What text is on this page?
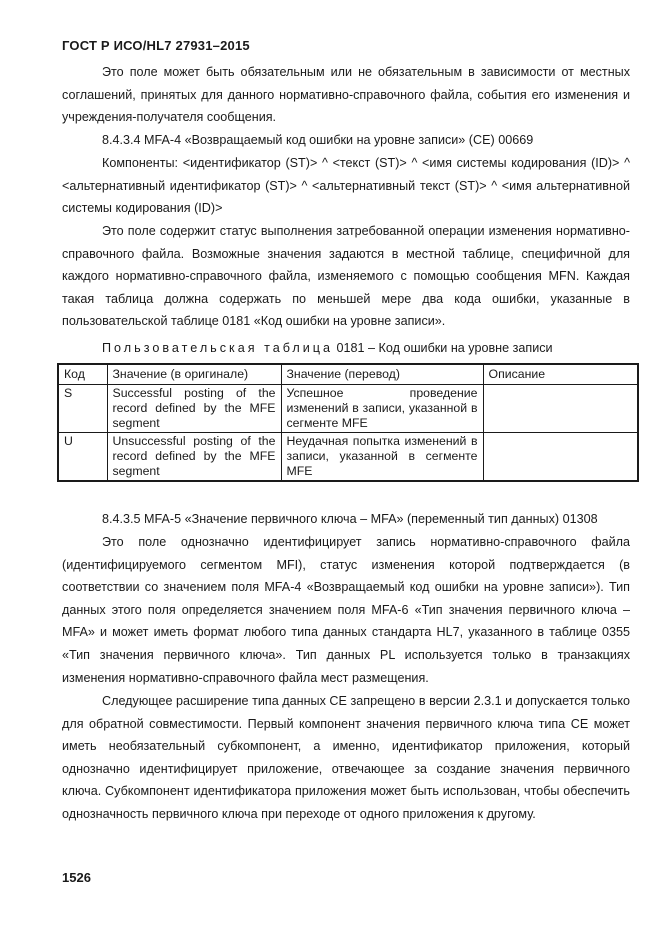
ГОСТ Р ИСО/HL7 27931–2015

Это поле может быть обязательным или не обязательным в зависимости от местных соглашений, принятых для данного нормативно-справочного файла, события его изменения и учреждения-получателя сообщения.

8.4.3.4 MFA-4 «Возвращаемый код ошибки на уровне записи» (CE) 00669

Компоненты: <идентификатор (ST)> ^ <текст (ST)> ^ <имя системы кодирования (ID)> ^ <альтернативный идентификатор (ST)> ^ <альтернативный текст (ST)> ^ <имя альтернативной системы кодирования (ID)>

Это поле содержит статус выполнения затребованной операции изменения нормативно-справочного файла. Возможные значения задаются в местной таблице, специфичной для каждого нормативно-справочного файла, изменяемого с помощью сообщения MFN. Каждая такая таблица должна содержать по меньшей мере два кода ошибки, указанные в пользовательской таблице 0181 «Код ошибки на уровне записи».

Пользовательская таблица 0181 – Код ошибки на уровне записи
Код	Значение (в оригинале)	Значение (перевод)	Описание
S	Successful posting of the record defined by the MFE segment	Успешное проведение изменений в записи, указанной в сегменте MFE	
U	Unsuccessful posting of the record defined by the MFE segment	Неудачная попытка изменений в записи, указанной в сегменте MFE	

8.4.3.5 MFA-5 «Значение первичного ключа – MFA» (переменный тип данных) 01308

Это поле однозначно идентифицирует запись нормативно-справочного файла (идентифицируемого сегментом MFI), статус изменения которой подтверждается (в соответствии со значением поля MFA-4 «Возвращаемый код ошибки на уровне записи»). Тип данных этого поля определяется значением поля MFA-6 «Тип значения первичного ключа – MFA» и может иметь формат любого типа данных стандарта HL7, указанного в таблице 0355 «Тип значения первичного ключа». Тип данных PL используется только в транзакциях изменения нормативно-справочного файла мест размещения.

Следующее расширение типа данных CE запрещено в версии 2.3.1 и допускается только для обратной совместимости. Первый компонент значения первичного ключа типа CE может иметь необязательный субкомпонент, а именно, идентификатор приложения, который однозначно идентифицирует приложение, отвечающее за создание значения первичного ключа. Субкомпонент идентификатора приложения может быть использован, чтобы обеспечить однозначность первичного ключа при переходе от одного приложения к другому.

1526
